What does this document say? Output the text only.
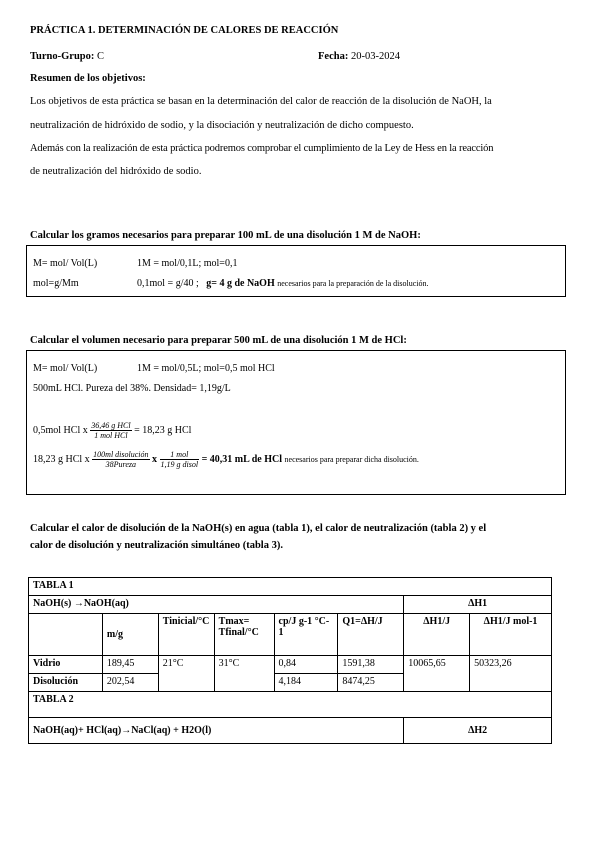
PRÁCTICA 1. DETERMINACIÓN DE CALORES DE REACCIÓN
Turno-Grupo: C	Fecha: 20-03-2024
Resumen de los objetivos:
Los objetivos de esta práctica se basan en la determinación del calor de reacción de la disolución de NaOH, la
neutralización de hidróxido de sodio, y la disociación y neutralización de dicho compuesto.
Además con la realización de esta práctica podremos comprobar el cumplimiento de la Ley de Hess en la reacción
de neutralización del hidróxido de sodio.
Calcular los gramos necesarios para preparar 100 mL de una disolución 1 M de NaOH:
M= mol/ Vol(L)	1M = mol/0,1L; mol=0,1
mol=g/Mm	0,1mol = g/40 ; g= 4 g de NaOH necesarios para la preparación de la disolución.
Calcular el volumen necesario para preparar 500 mL de una disolución 1 M de HCl:
M= mol/ Vol(L)	1M = mol/0,5L; mol=0,5 mol HCl
500mL HCl. Pureza del 38%. Densidad= 1,19g/L
0,5mol HCl x $\frac{\text{36,46 g HCl}}{\text{1 mol HCl}} = 18,23$ g HCl
18,23 g HCl x $\frac{\text{100ml disolución}}{\text{38Pureza}}$ x $\frac{\text{1 mol}}{\text{1,19 g disol}} = 40,31$ mL de HCl necesarios para preparar dicha disolución.
Calcular el calor de disolución de la NaOH(s) en agua (tabla 1), el calor de neutralización (tabla 2) y el
calor de disolución y neutralización simultáneo (tabla 3).
TABLA 1							
NaOH(s) →NaOH(aq)						ΔH1	
	m/g	Tinicial/°C	Tmax= Tfinal/°C	cp/J g-1 °C-1	Q1=ΔH/J	ΔH1/J	ΔH1/J mol-1
Vidrio	189,45	21°C	31°C	0,84	1591,38	10065,65	50323,26
Disolución	202,54			4,184	8474,25		
TABLA 2							
NaOH(aq)+ HCl(aq)→NaCl(aq) + H2O(l)						ΔH2	
